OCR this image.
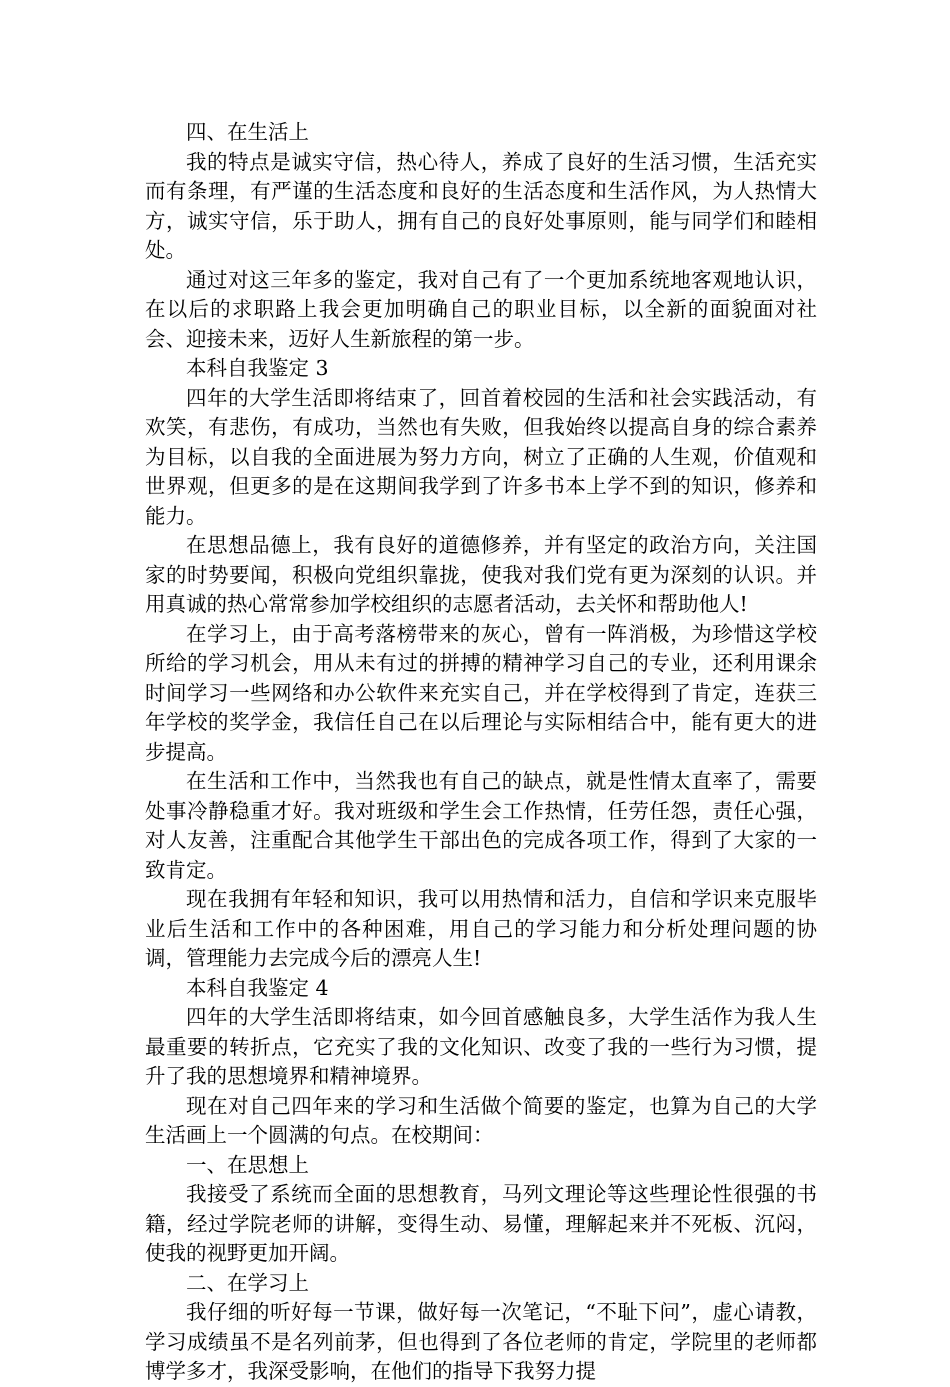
四、在生活上

我的特点是诚实守信，热心待人，养成了良好的生活习惯，生活充实而有条理，有严谨的生活态度和良好的生活态度和生活作风，为人热情大方，诚实守信，乐于助人，拥有自己的良好处事原则，能与同学们和睦相处。

通过对这三年多的鉴定，我对自己有了一个更加系统地客观地认识，在以后的求职路上我会更加明确自己的职业目标，以全新的面貌面对社会、迎接未来，迈好人生新旅程的第一步。

本科自我鉴定 3

四年的大学生活即将结束了，回首着校园的生活和社会实践活动，有欢笑，有悲伤，有成功，当然也有失败，但我始终以提高自身的综合素养为目标，以自我的全面进展为努力方向，树立了正确的人生观，价值观和世界观，但更多的是在这期间我学到了许多书本上学不到的知识，修养和能力。

在思想品德上，我有良好的道德修养，并有坚定的政治方向，关注国家的时势要闻，积极向党组织靠拢，使我对我们党有更为深刻的认识。并用真诚的热心常常参加学校组织的志愿者活动，去关怀和帮助他人!

在学习上，由于高考落榜带来的灰心，曾有一阵消极，为珍惜这学校所给的学习机会，用从未有过的拼搏的精神学习自己的专业，还利用课余时间学习一些网络和办公软件来充实自己，并在学校得到了肯定，连获三年学校的奖学金，我信任自己在以后理论与实际相结合中，能有更大的进步提高。

在生活和工作中，当然我也有自己的缺点，就是性情太直率了，需要处事冷静稳重才好。我对班级和学生会工作热情，任劳任怨，责任心强，对人友善，注重配合其他学生干部出色的完成各项工作，得到了大家的一致肯定。

现在我拥有年轻和知识，我可以用热情和活力，自信和学识来克服毕业后生活和工作中的各种困难，用自己的学习能力和分析处理问题的协调，管理能力去完成今后的漂亮人生!

本科自我鉴定 4

四年的大学生活即将结束，如今回首感触良多，大学生活作为我人生最重要的转折点，它充实了我的文化知识、改变了我的一些行为习惯，提升了我的思想境界和精神境界。

现在对自己四年来的学习和生活做个简要的鉴定，也算为自己的大学生活画上一个圆满的句点。在校期间：

一、在思想上

我接受了系统而全面的思想教育，马列文理论等这些理论性很强的书籍，经过学院老师的讲解，变得生动、易懂，理解起来并不死板、沉闷，使我的视野更加开阔。

二、在学习上

我仔细的听好每一节课，做好每一次笔记，“不耻下问”，虚心请教，学习成绩虽不是名列前茅，但也得到了各位老师的肯定，学院里的老师都博学多才，我深受影响，在他们的指导下我努力提
